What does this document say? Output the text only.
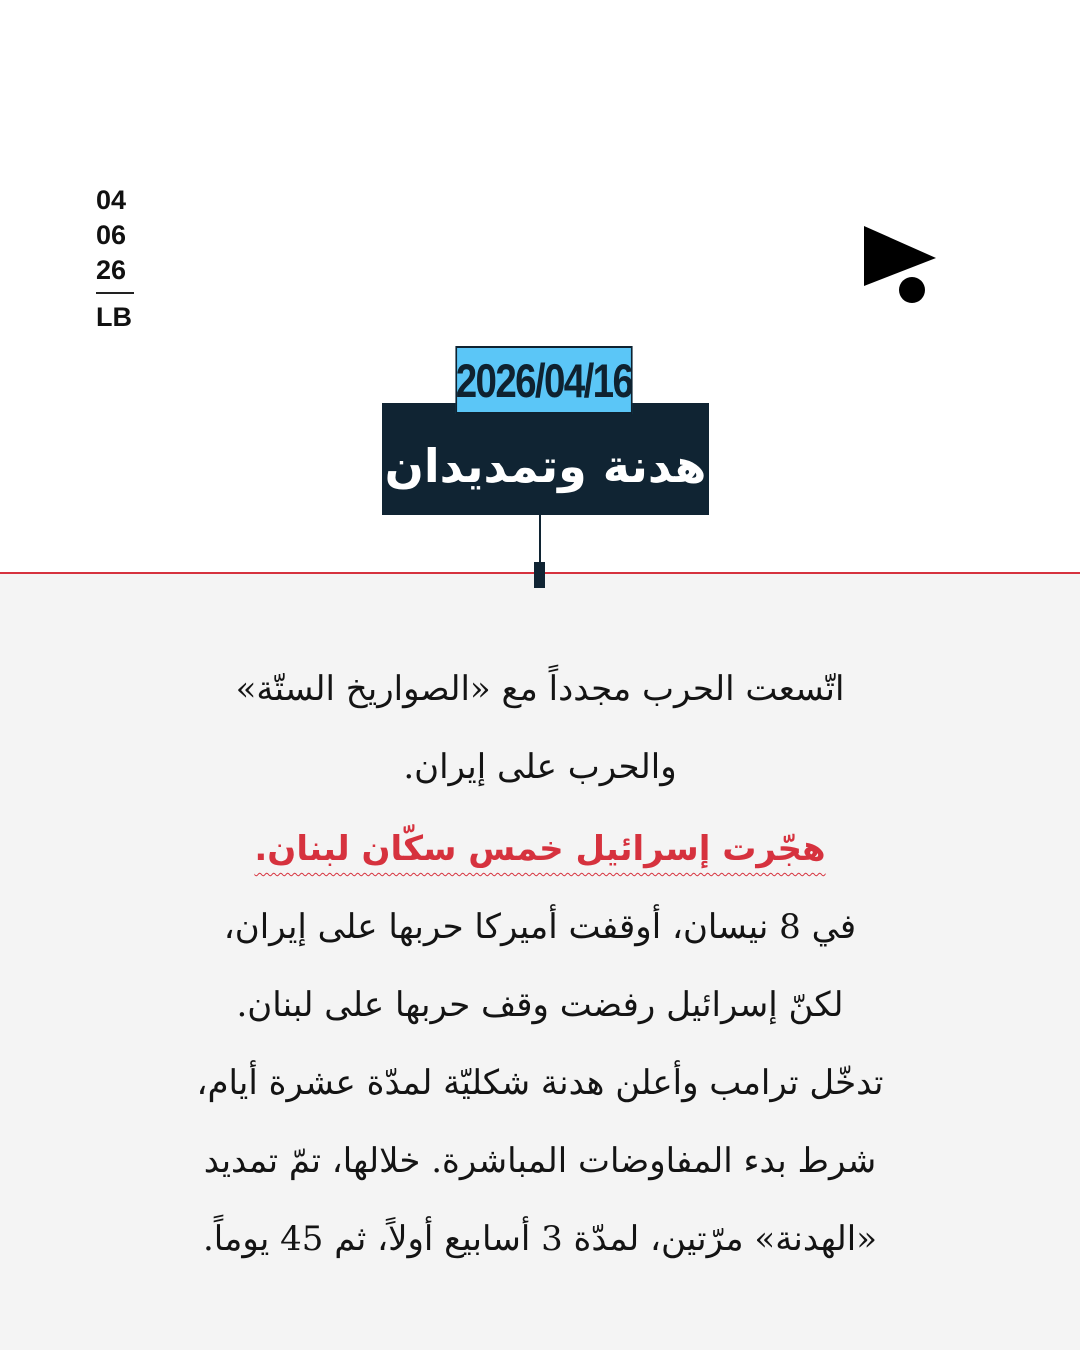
04
06
26
LB
هدنة وتمديدان
2026/04/16

اتّسعت الحرب مجدداً مع «الصواريخ الستّة»

والحرب على إيران.

هجّرت إسرائيل خمس سكّان لبنان.

في 8 نيسان، أوقفت أميركا حربها على إيران،

لكنّ إسرائيل رفضت وقف حربها على لبنان.

تدخّل ترامب وأعلن هدنة شكليّة لمدّة عشرة أيام،

شرط بدء المفاوضات المباشرة. خلالها، تمّ تمديد

«الهدنة» مرّتين، لمدّة 3 أسابيع أولاً، ثم 45 يوماً.
